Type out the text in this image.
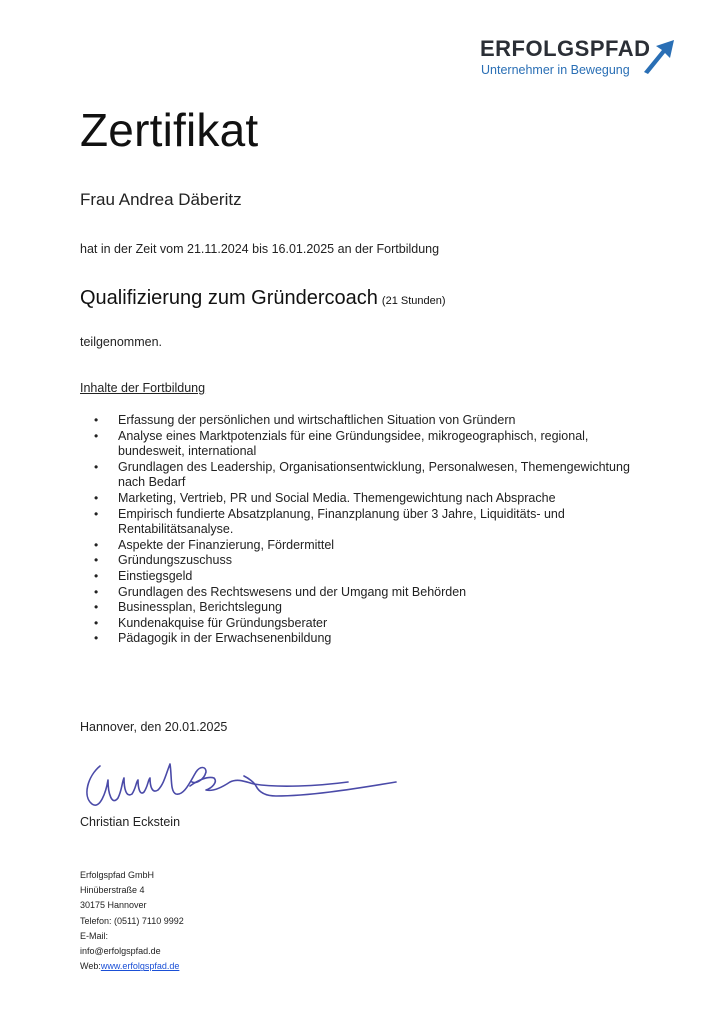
ERFOLGSPFAD
Unternehmer in Bewegung
Zertifikat
Frau Andrea Däberitz
hat in der Zeit vom 21.11.2024 bis 16.01.2025 an der Fortbildung
Qualifizierung zum Gründercoach (21 Stunden)
teilgenommen.
Inhalte der Fortbildung
• Erfassung der persönlichen und wirtschaftlichen Situation von Gründern
• Analyse eines Marktpotenzials für eine Gründungsidee, mikrogeographisch, regional, bundesweit, international
• Grundlagen des Leadership, Organisationsentwicklung, Personalwesen, Themengewichtung nach Bedarf
• Marketing, Vertrieb, PR und Social Media. Themengewichtung nach Absprache
• Empirisch fundierte Absatzplanung, Finanzplanung über 3 Jahre, Liquiditäts- und Rentabilitätsanalyse.
• Aspekte der Finanzierung, Fördermittel
• Gründungszuschuss
• Einstiegsgeld
• Grundlagen des Rechtswesens und der Umgang mit Behörden
• Businessplan, Berichtslegung
• Kundenakquise für Gründungsberater
• Pädagogik in der Erwachsenenbildung
Hannover, den 20.01.2025
Christian Eckstein
Erfolgspfad GmbH
Hinüberstraße 4
30175 Hannover
Telefon: (0511) 7110 9992
E-Mail:
info@erfolgspfad.de
Web:www.erfolgspfad.de
